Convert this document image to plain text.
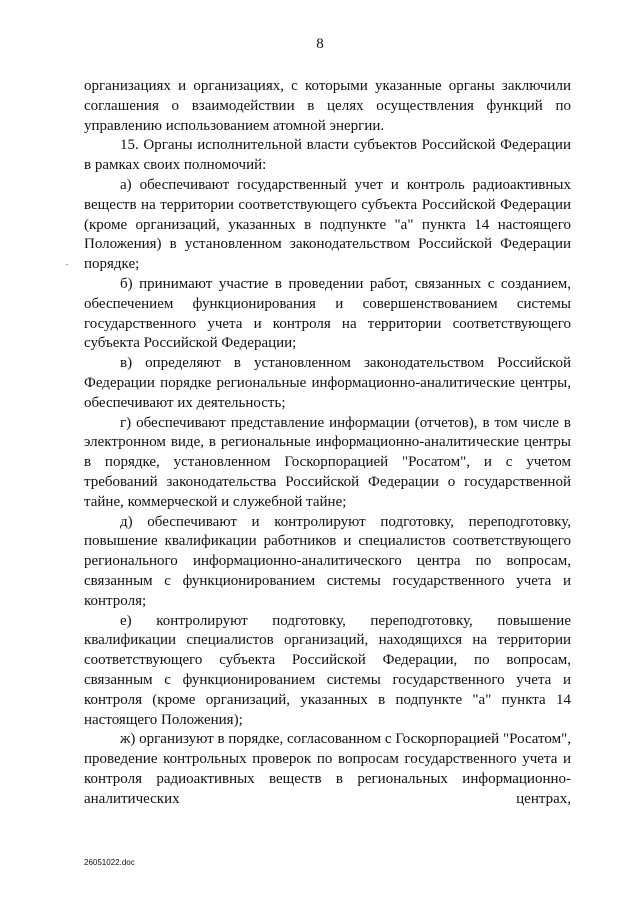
8
.

организациях и организациях, с которыми указанные органы заключили соглашения о взаимодействии в целях осуществления функций по управлению использованием атомной энергии.

15. Органы исполнительной власти субъектов Российской Федерации в рамках своих полномочий:

а) обеспечивают государственный учет и контроль радиоактивных веществ на территории соответствующего субъекта Российской Федерации (кроме организаций, указанных в подпункте "а" пункта 14 настоящего Положения) в установленном законодательством Российской Федерации порядке;

б) принимают участие в проведении работ, связанных с созданием, обеспечением функционирования и совершенствованием системы государственного учета и контроля на территории соответствующего субъекта Российской Федерации;

в) определяют в установленном законодательством Российской Федерации порядке региональные информационно-аналитические центры, обеспечивают их деятельность;

г) обеспечивают представление информации (отчетов), в том числе в электронном виде, в региональные информационно-аналитические центры в порядке, установленном Госкорпорацией "Росатом", и с учетом требований законодательства Российской Федерации о государственной тайне, коммерческой и служебной тайне;

д) обеспечивают и контролируют подготовку, переподготовку, повышение квалификации работников и специалистов соответствующего регионального информационно-аналитического центра по вопросам, связанным с функционированием системы государственного учета и контроля;

е) контролируют подготовку, переподготовку, повышение квалификации специалистов организаций, находящихся на территории соответствующего субъекта Российской Федерации, по вопросам, связанным с функционированием системы государственного учета и контроля (кроме организаций, указанных в подпункте "а" пункта 14 настоящего Положения);

ж) организуют в порядке, согласованном с Госкорпорацией "Росатом", проведение контрольных проверок по вопросам государственного учета и контроля радиоактивных веществ в региональных информационно-аналитических центрах,

26051022.doc
